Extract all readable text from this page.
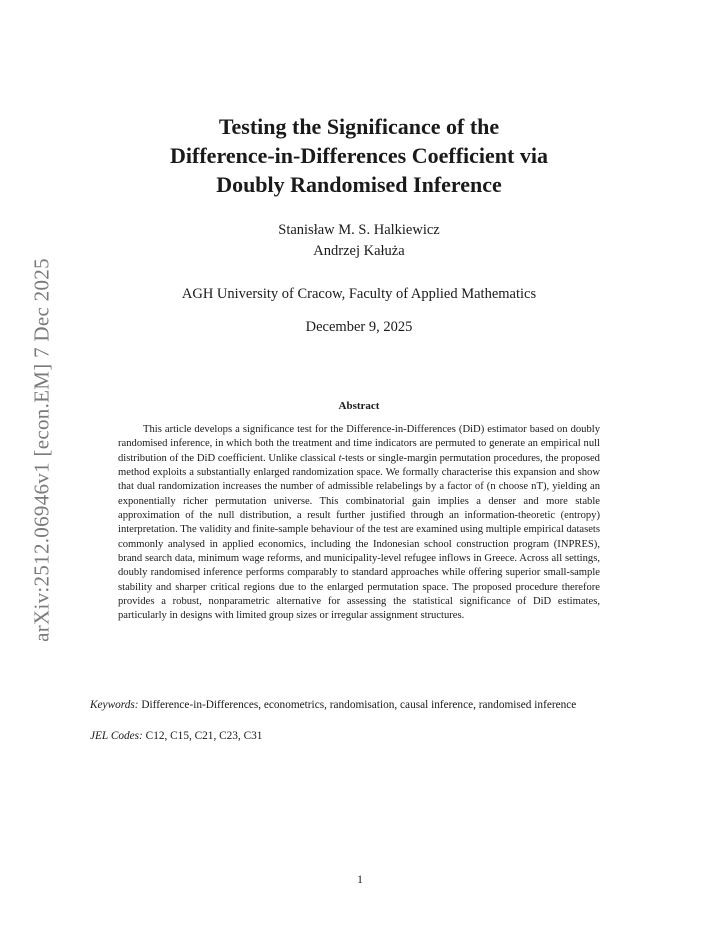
arXiv:2512.06946v1 [econ.EM] 7 Dec 2025
Testing the Significance of the
Difference-in-Differences Coefficient via
Doubly Randomised Inference
Stanisław M. S. Halkiewicz
Andrzej Kałuża
AGH University of Cracow, Faculty of Applied Mathematics
December 9, 2025
Abstract

This article develops a significance test for the Difference-in-Differences (DiD) estimator based on doubly randomised inference, in which both the treatment and time indicators are permuted to generate an empirical null distribution of the DiD coefficient. Unlike classical t-tests or single-margin permutation procedures, the proposed method exploits a substantially enlarged randomization space. We formally characterise this expansion and show that dual randomization increases the number of admissible relabelings by a factor of (n choose nT), yielding an exponentially richer permutation universe. This combinatorial gain implies a denser and more stable approximation of the null distribution, a result further justified through an information-theoretic (entropy) interpretation. The validity and finite-sample behaviour of the test are examined using multiple empirical datasets commonly analysed in applied economics, including the Indonesian school construction program (INPRES), brand search data, minimum wage reforms, and municipality-level refugee inflows in Greece. Across all settings, doubly randomised inference performs comparably to standard approaches while offering superior small-sample stability and sharper critical regions due to the enlarged permutation space. The proposed procedure therefore provides a robust, nonparametric alternative for assessing the statistical significance of DiD estimates, particularly in designs with limited group sizes or irregular assignment structures.

Keywords: Difference-in-Differences, econometrics, randomisation, causal inference, randomised inference

JEL Codes: C12, C15, C21, C23, C31

1
